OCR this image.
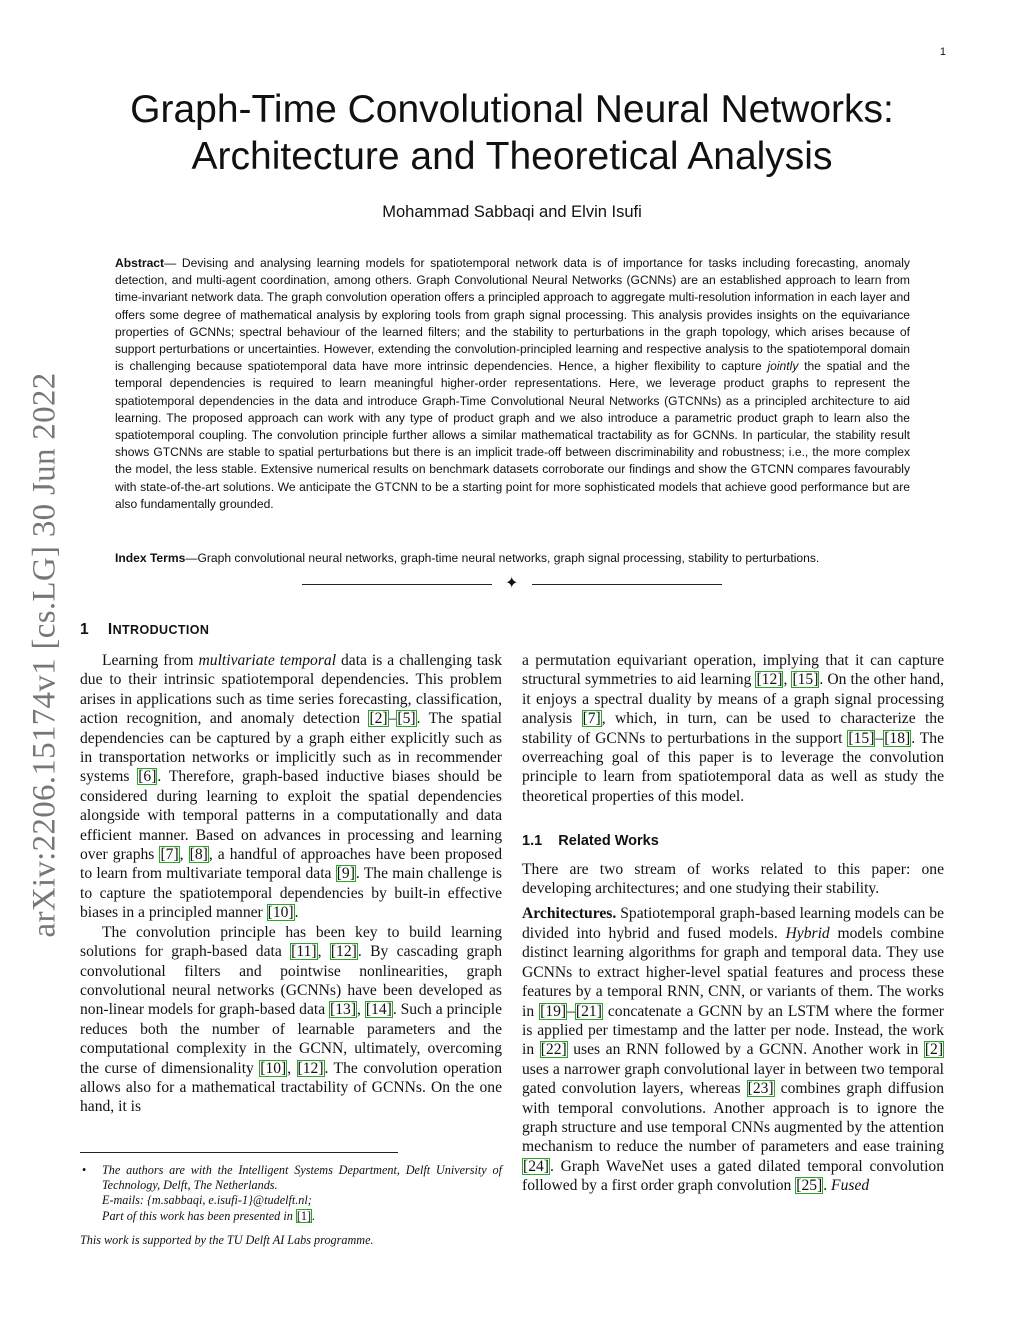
1
arXiv:2206.15174v1 [cs.LG] 30 Jun 2022
Graph-Time Convolutional Neural Networks:
Architecture and Theoretical Analysis
Mohammad Sabbaqi and Elvin Isufi
Abstract— Devising and analysing learning models for spatiotemporal network data is of importance for tasks including forecasting, anomaly detection, and multi-agent coordination, among others. Graph Convolutional Neural Networks (GCNNs) are an established approach to learn from time-invariant network data. The graph convolution operation offers a principled approach to aggregate multi-resolution information in each layer and offers some degree of mathematical analysis by exploring tools from graph signal processing. This analysis provides insights on the equivariance properties of GCNNs; spectral behaviour of the learned filters; and the stability to perturbations in the graph topology, which arises because of support perturbations or uncertainties. However, extending the convolution-principled learning and respective analysis to the spatiotemporal domain is challenging because spatiotemporal data have more intrinsic dependencies. Hence, a higher flexibility to capture jointly the spatial and the temporal dependencies is required to learn meaningful higher-order representations. Here, we leverage product graphs to represent the spatiotemporal dependencies in the data and introduce Graph-Time Convolutional Neural Networks (GTCNNs) as a principled architecture to aid learning. The proposed approach can work with any type of product graph and we also introduce a parametric product graph to learn also the spatiotemporal coupling. The convolution principle further allows a similar mathematical tractability as for GCNNs. In particular, the stability result shows GTCNNs are stable to spatial perturbations but there is an implicit trade-off between discriminability and robustness; i.e., the more complex the model, the less stable. Extensive numerical results on benchmark datasets corroborate our findings and show the GTCNN compares favourably with state-of-the-art solutions. We anticipate the GTCNN to be a starting point for more sophisticated models that achieve good performance but are also fundamentally grounded.
Index Terms—Graph convolutional neural networks, graph-time neural networks, graph signal processing, stability to perturbations.
✦
1 INTRODUCTION

Learning from multivariate temporal data is a challenging task due to their intrinsic spatiotemporal dependencies. This problem arises in applications such as time series forecasting, classification, action recognition, and anomaly detection [2]–[5]. The spatial dependencies can be captured by a graph either explicitly such as in transportation networks or implicitly such as in recommender systems [6]. Therefore, graph-based inductive biases should be considered during learning to exploit the spatial dependencies alongside with temporal patterns in a computationally and data efficient manner. Based on advances in processing and learning over graphs [7], [8], a handful of approaches have been proposed to learn from multivariate temporal data [9]. The main challenge is to capture the spatiotemporal dependencies by built-in effective biases in a principled manner [10].

The convolution principle has been key to build learning solutions for graph-based data [11], [12]. By cascading graph convolutional filters and pointwise nonlinearities, graph convolutional neural networks (GCNNs) have been developed as non-linear models for graph-based data [13], [14]. Such a principle reduces both the number of learnable parameters and the computational complexity in the GCNN, ultimately, overcoming the curse of dimensionality [10], [12]. The convolution operation allows also for a mathematical tractability of GCNNs. On the one hand, it is

• The authors are with the Intelligent Systems Department, Delft University of Technology, Delft, The Netherlands.
E-mails: {m.sabbaqi, e.isufi-1}@tudelft.nl;
Part of this work has been presented in [1].
This work is supported by the TU Delft AI Labs programme.

a permutation equivariant operation, implying that it can capture structural symmetries to aid learning [12], [15]. On the other hand, it enjoys a spectral duality by means of a graph signal processing analysis [7], which, in turn, can be used to characterize the stability of GCNNs to perturbations in the support [15]–[18]. The overreaching goal of this paper is to leverage the convolution principle to learn from spatiotemporal data as well as study the theoretical properties of this model.

1.1 Related Works

There are two stream of works related to this paper: one developing architectures; and one studying their stability.

Architectures. Spatiotemporal graph-based learning models can be divided into hybrid and fused models. Hybrid models combine distinct learning algorithms for graph and temporal data. They use GCNNs to extract higher-level spatial features and process these features by a temporal RNN, CNN, or variants of them. The works in [19]–[21] concatenate a GCNN by an LSTM where the former is applied per timestamp and the latter per node. Instead, the work in [22] uses an RNN followed by a GCNN. Another work in [2] uses a narrower graph convolutional layer in between two temporal gated convolution layers, whereas [23] combines graph diffusion with temporal convolutions. Another approach is to ignore the graph structure and use temporal CNNs augmented by the attention mechanism to reduce the number of parameters and ease training [24]. Graph WaveNet uses a gated dilated temporal convolution followed by a first order graph convolution [25]. Fused
